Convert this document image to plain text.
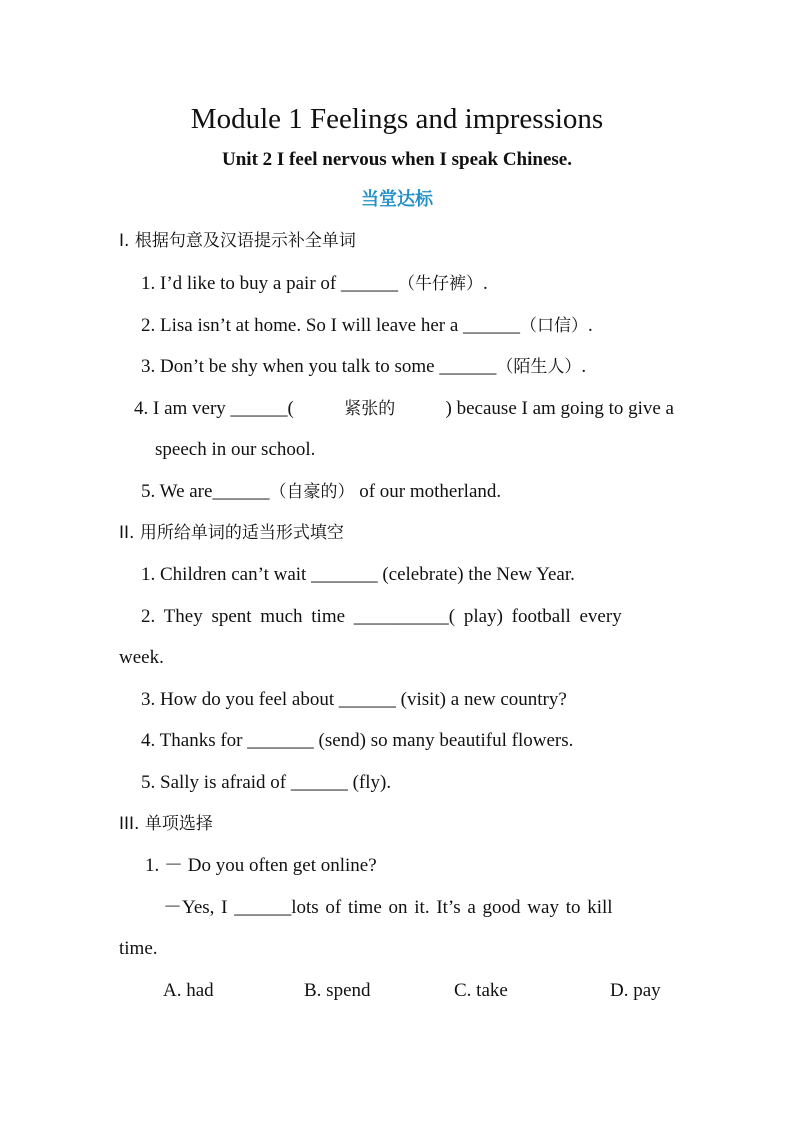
Module 1 Feelings and impressions
Unit 2 I feel nervous when I speak Chinese.
当堂达标
I. 根据句意及汉语提示补全单词
1. I’d like to buy a pair of ______（牛仔裤）.
2. Lisa isn’t at home. So I will leave her a ______（口信）.
3. Don’t be shy when you talk to some ______（陌生人）.
4. I am very ______(	紧张的	) because I am going to give a
speech in our school.
5. We are______（自豪的） of our motherland.
II. 用所给单词的适当形式填空
1. Children can’t wait _______ (celebrate) the New Year.
2. They spent much time __________( play) football every
week.
3. How do you feel about ______ (visit) a new country?
4. Thanks for _______ (send) so many beautiful flowers.
5. Sally is afraid of ______ (fly).
III. 单项选择
1. － Do you often get online?
－Yes, I ______lots of time on it. It’s a good way to kill
time.
A. had	B. spend	C. take	D. pay
